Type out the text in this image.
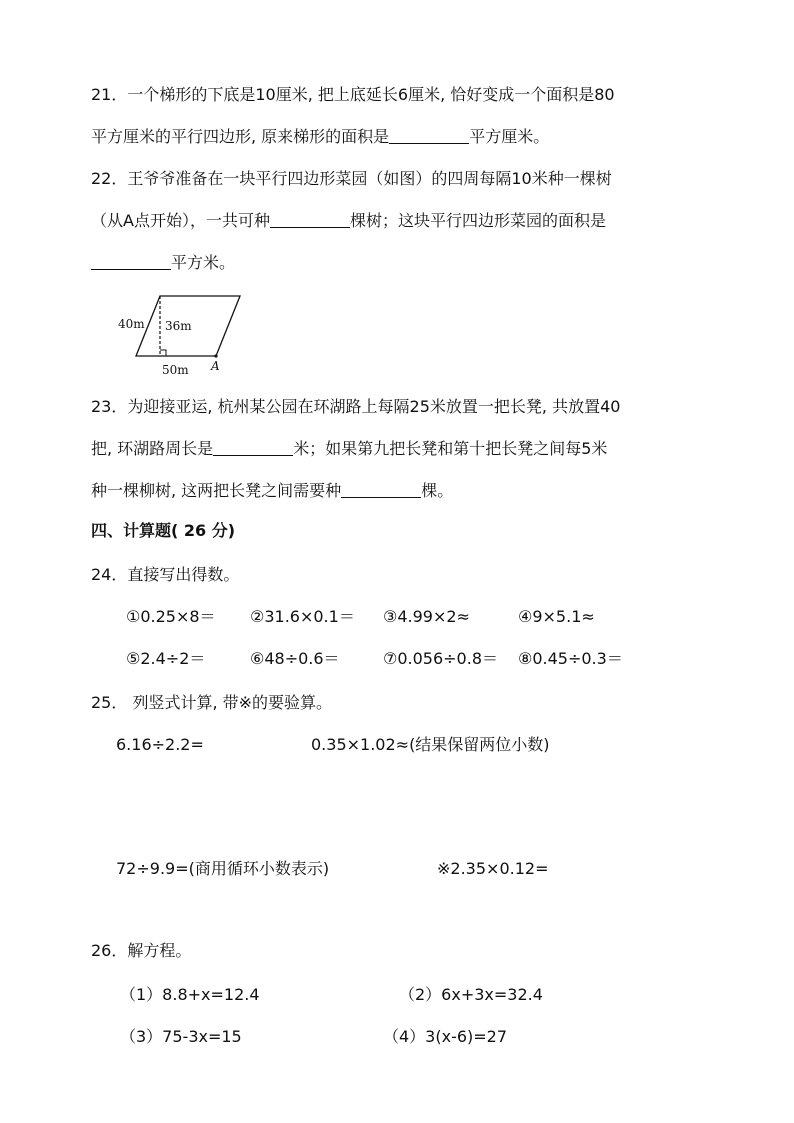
21．一个梯形的下底是10厘米, 把上底延长6厘米, 恰好变成一个面积是80
平方厘米的平行四边形, 原来梯形的面积是	平方厘米。
22．王爷爷准备在一块平行四边形菜园（如图）的四周每隔10米种一棵树
（从A点开始），一共可种	棵树；这块平行四边形菜园的面积是
平方米。
40m 36m
50m A
23．为迎接亚运, 杭州某公园在环湖路上每隔25米放置一把长凳, 共放置40
把, 环湖路周长是	米；如果第九把长凳和第十把长凳之间每5米
种一棵柳树, 这两把长凳之间需要种	棵。
四、计算题( 26 分)
24．直接写出得数。
①0.25×8＝ ②31.6×0.1＝ ③4.99×2≈	④9×5.1≈
⑤2.4÷2＝	⑥48÷0.6＝	⑦0.056÷0.8＝ ⑧0.45÷0.3＝
25． 列竖式计算, 带※的要验算。
6.16÷2.2=	0.35×1.02≈(结果保留两位小数)
72÷9.9=(商用循环小数表示)	※2.35×0.12=
26．解方程。
（1）8.8+x=12.4	（2）6x+3x=32.4
（3）75-3x=15	（4）3(x-6)=27
